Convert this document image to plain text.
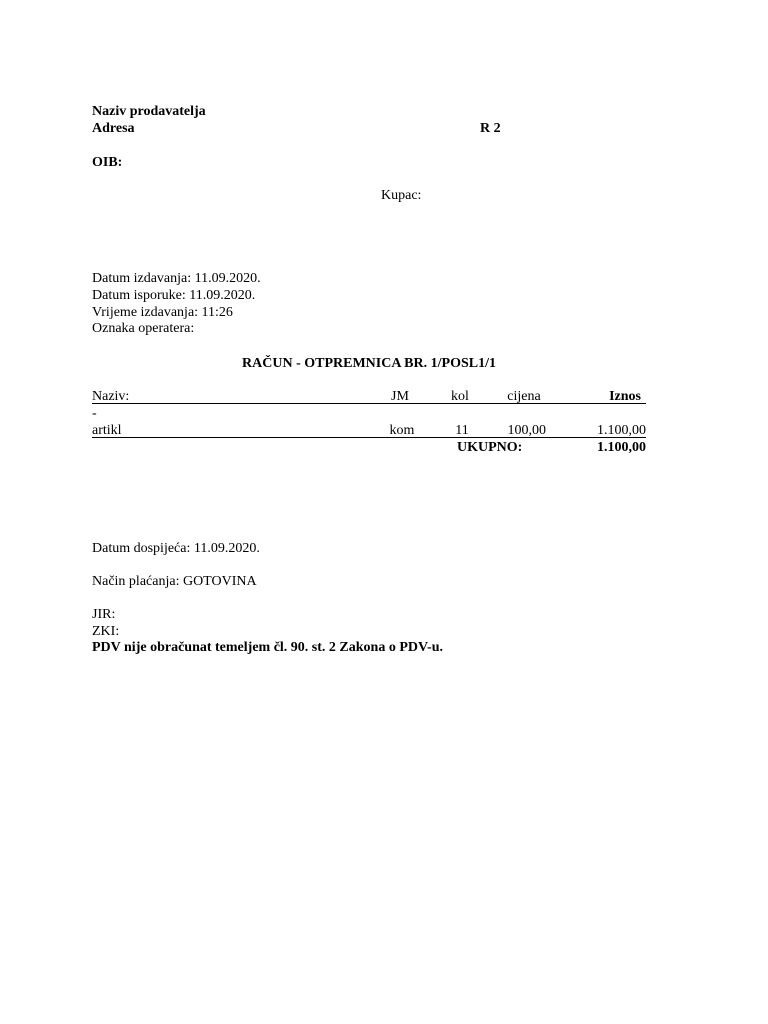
Naziv prodavatelja
Adresa	R 2
OIB:
Kupac:
Datum izdavanja: 11.09.2020.
Datum isporuke: 11.09.2020.
Vrijeme izdavanja: 11:26
Oznaka operatera:
RAČUN - OTPREMNICA BR. 1/POSL1/1
Naziv:	JM	kol	cijena	Iznos
-
artikl	kom	11	100,00	1.100,00
UKUPNO:	1.100,00
Datum dospijeća: 11.09.2020.
Način plaćanja: GOTOVINA
JIR:
ZKI:
PDV nije obračunat temeljem čl. 90. st. 2 Zakona o PDV-u.
